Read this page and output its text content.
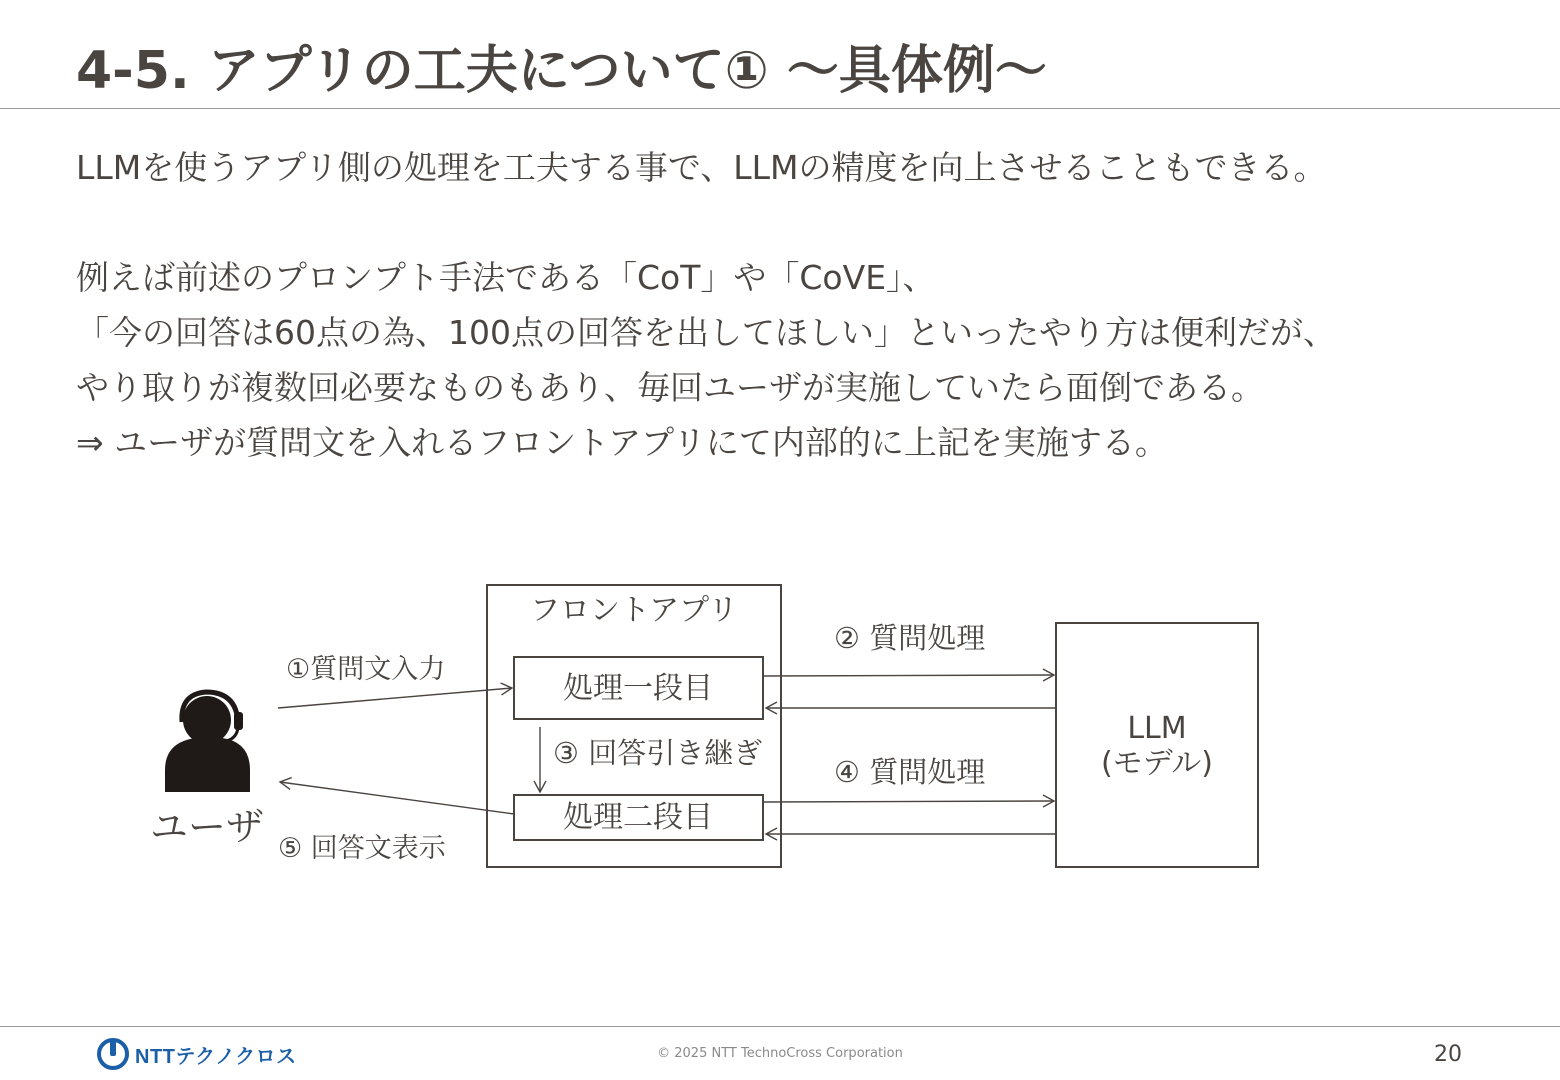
4-5. アプリの工夫について① ～具体例～

LLMを使うアプリ側の処理を工夫する事で、LLMの精度を向上させることもできる。

例えば前述のプロンプト手法である「CoT」や「CoVE」、

「今の回答は60点の為、100点の回答を出してほしい」といったやり方は便利だが、

やり取りが複数回必要なものもあり、毎回ユーザが実施していたら面倒である。

⇒ ユーザが質問文を入れるフロントアプリにて内部的に上記を実施する。

ユーザ
フロントアプリ
処理一段目
処理二段目
LLM
(モデル)
①質問文入力
② 質問処理
③ 回答引き継ぎ
④ 質問処理
⑤ 回答文表示
NTTテクノクロス	© 2025 NTT TechnoCross Corporation	20
